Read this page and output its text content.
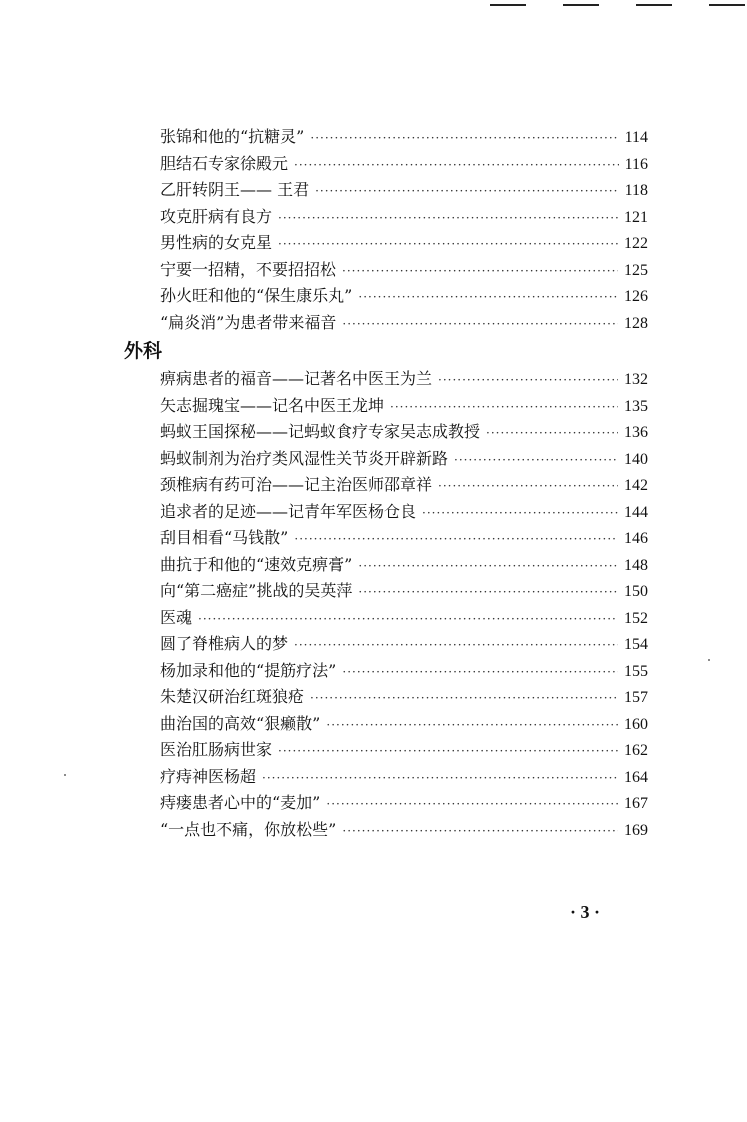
张锦和他的“抗糖灵” ·····	114
胆结石专家徐殿元 ·····	116
乙肝转阴王—— 王君 ·····	118
攻克肝病有良方 ·····	121
男性病的女克星 ·····	122
宁要一招精，不要招招松 ·····	125
孙火旺和他的“保生康乐丸” ·····	126
“扁炎消”为患者带来福音 ·····	128
外科
痹病患者的福音——记著名中医王为兰 ·····	132
矢志掘瑰宝——记名中医王龙坤 ·····	135
蚂蚁王国探秘——记蚂蚁食疗专家吴志成教授 ·····	136
蚂蚁制剂为治疗类风湿性关节炎开辟新路 ·····	140
颈椎病有药可治——记主治医师邵章祥 ·····	142
追求者的足迹——记青年军医杨仓良 ·····	144
刮目相看“马钱散” ·····	146
曲抗于和他的“速效克痹膏” ·····	148
向“第二癌症”挑战的吴英萍 ·····	150
医魂 ·····	152
圆了脊椎病人的梦 ·····	154
杨加录和他的“提筋疗法” ·····	155
朱楚汉研治红斑狼疮 ·····	157
曲治国的高效“狠癞散” ·····	160
医治肛肠病世家 ·····	162
疗痔神医杨超 ·····	164
痔瘘患者心中的“麦加” ·····	167
“一点也不痛，你放松些” ·····	169
· 3 ·
